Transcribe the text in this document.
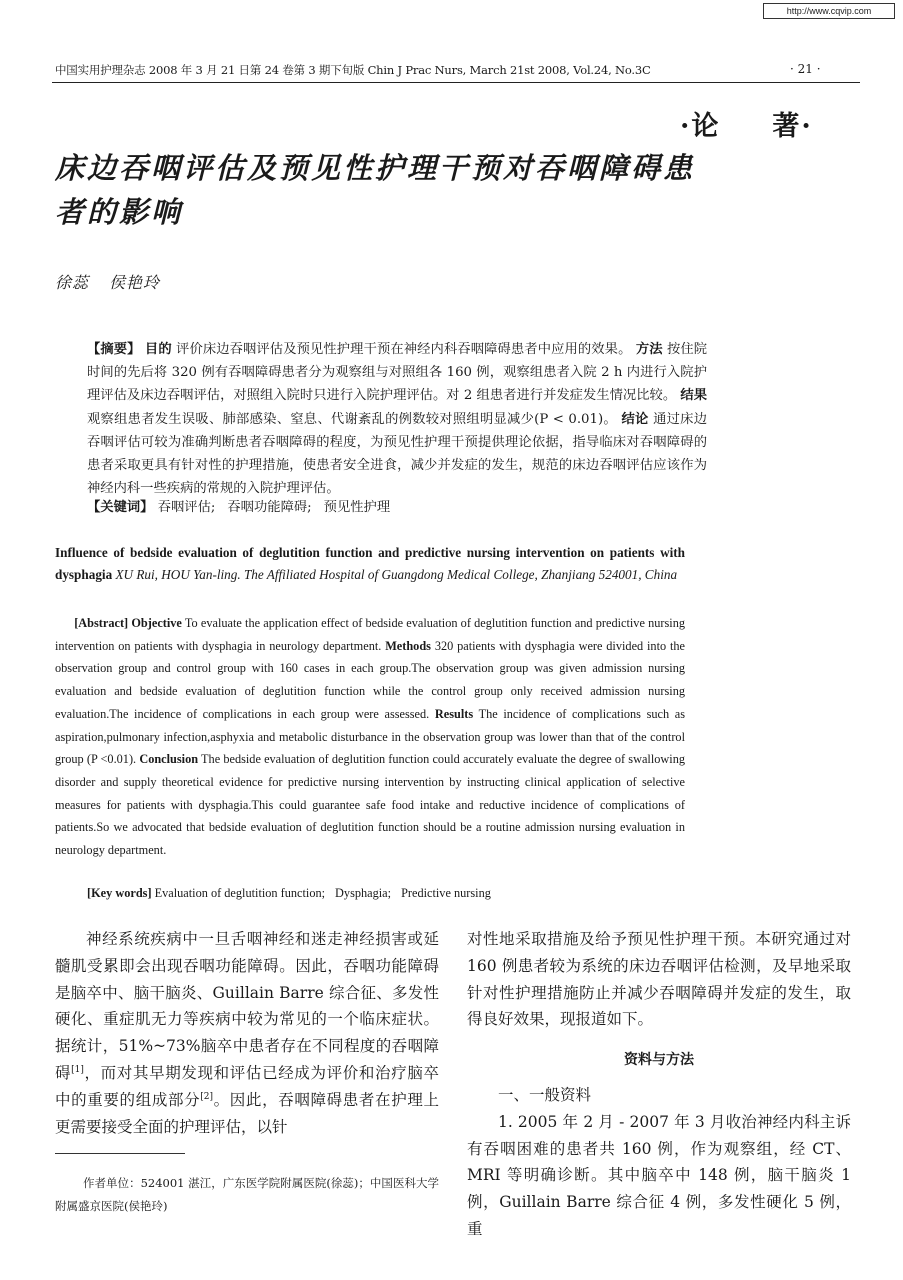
http://www.cqvip.com
中国实用护理杂志 2008 年 3 月 21 日第 24 卷第 3 期下旬版 Chin J Prac Nurs, March 21st 2008, Vol.24, No.3C	· 21 ·
·论 著·
床边吞咽评估及预见性护理干预对吞咽障碍患者的影响
徐蕊 侯艳玲
【摘要】 目的 评价床边吞咽评估及预见性护理干预在神经内科吞咽障碍患者中应用的效果。 方法 按住院时间的先后将 320 例有吞咽障碍患者分为观察组与对照组各 160 例，观察组患者入院 2 h 内进行入院护理评估及床边吞咽评估，对照组入院时只进行入院护理评估。对 2 组患者进行并发症发生情况比较。 结果 观察组患者发生误吸、肺部感染、窒息、代谢紊乱的例数较对照组明显减少(P < 0.01)。 结论 通过床边吞咽评估可较为准确判断患者吞咽障碍的程度，为预见性护理干预提供理论依据，指导临床对吞咽障碍的患者采取更具有针对性的护理措施，使患者安全进食，减少并发症的发生，规范的床边吞咽评估应该作为神经内科一些疾病的常规的入院护理评估。
【关键词】 吞咽评估; 吞咽功能障碍; 预见性护理
Influence of bedside evaluation of deglutition function and predictive nursing intervention on patients with dysphagia XU Rui, HOU Yan-ling. The Affiliated Hospital of Guangdong Medical College, Zhanjiang 524001, China
[Abstract] Objective To evaluate the application effect of bedside evaluation of deglutition function and predictive nursing intervention on patients with dysphagia in neurology department. Methods 320 patients with dysphagia were divided into the observation group and control group with 160 cases in each group.The observation group was given admission nursing evaluation and bedside evaluation of deglutition function while the control group only received admission nursing evaluation.The incidence of complications in each group were assessed. Results The incidence of complications such as aspiration,pulmonary infection,asphyxia and metabolic disturbance in the observation group was lower than that of the control group (P <0.01). Conclusion The bedside evaluation of deglutition function could accurately evaluate the degree of swallowing disorder and supply theoretical evidence for predictive nursing intervention by instructing clinical application of selective measures for patients with dysphagia.This could guarantee safe food intake and reductive incidence of complications of patients.So we advocated that bedside evaluation of deglutition function should be a routine admission nursing evaluation in neurology department.
[Key words] Evaluation of deglutition function; Dysphagia; Predictive nursing

神经系统疾病中一旦舌咽神经和迷走神经损害或延髓肌受累即会出现吞咽功能障碍。因此，吞咽功能障碍是脑卒中、脑干脑炎、Guillain Barre 综合征、多发性硬化、重症肌无力等疾病中较为常见的一个临床症状。据统计，51%~73%脑卒中患者存在不同程度的吞咽障碍[1]，而对其早期发现和评估已经成为评价和治疗脑卒中的重要的组成部分[2]。因此，吞咽障碍患者在护理上更需要接受全面的护理评估，以针

作者单位：524001 湛江，广东医学院附属医院(徐蕊)；中国医科大学附属盛京医院(侯艳玲)

对性地采取措施及给予预见性护理干预。本研究通过对 160 例患者较为系统的床边吞咽评估检测，及早地采取针对性护理措施防止并减少吞咽障碍并发症的发生，取得良好效果，现报道如下。

资料与方法

一、一般资料

1. 2005 年 2 月 - 2007 年 3 月收治神经内科主诉有吞咽困难的患者共 160 例，作为观察组，经 CT、MRI 等明确诊断。其中脑卒中 148 例，脑干脑炎 1 例，Guillain Barre 综合征 4 例，多发性硬化 5 例，重
